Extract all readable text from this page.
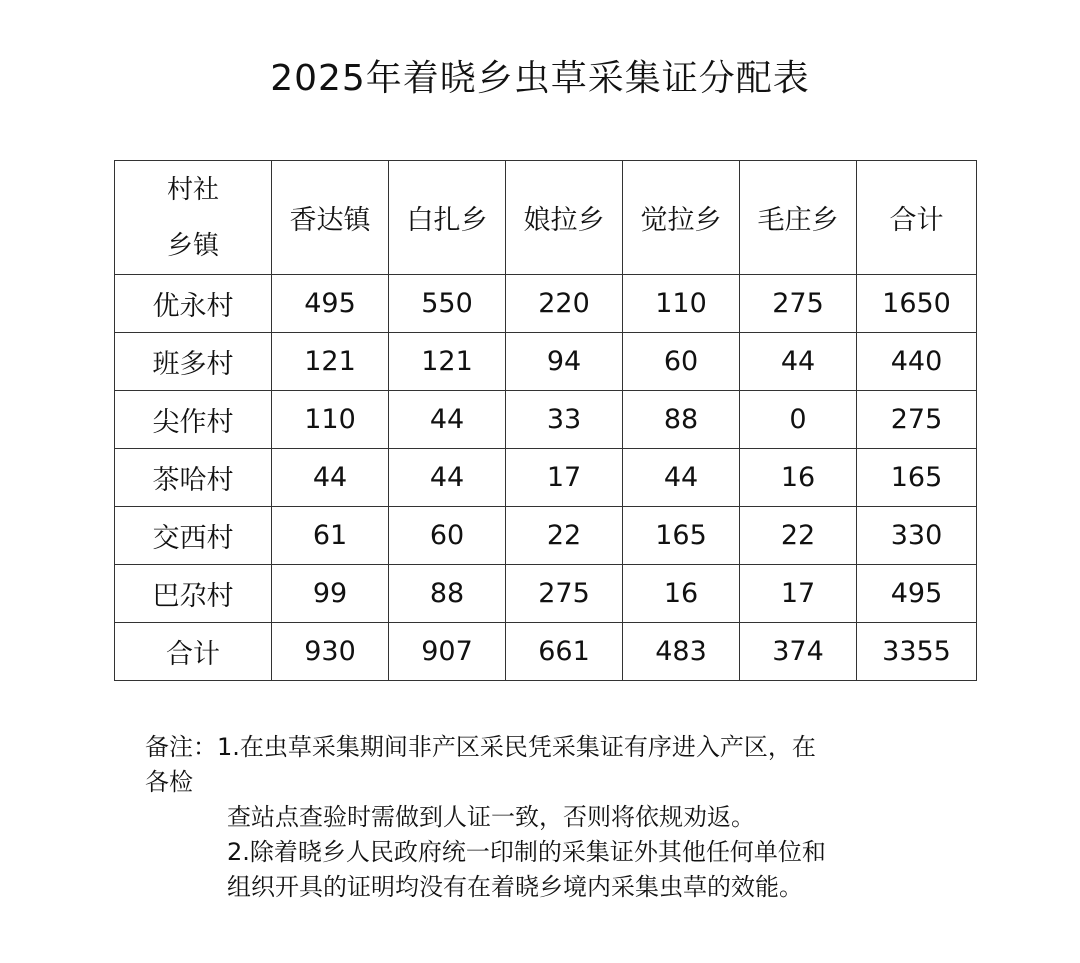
2025年着晓乡虫草采集证分配表
村社
乡镇	香达镇	白扎乡	娘拉乡	觉拉乡	毛庄乡	合计
优永村	495	550	220	110	275	1650
班多村	121	121	94	60	44	440
尖作村	110	44	33	88	0	275
茶哈村	44	44	17	44	16	165
交西村	61	60	22	165	22	330
巴尕村	99	88	275	16	17	495
合计	930	907	661	483	374	3355
备注：1.在虫草采集期间非产区采民凭采集证有序进入产区，在
各检
查站点查验时需做到人证一致，否则将依规劝返。
2.除着晓乡人民政府统一印制的采集证外其他任何单位和
组织开具的证明均没有在着晓乡境内采集虫草的效能。
